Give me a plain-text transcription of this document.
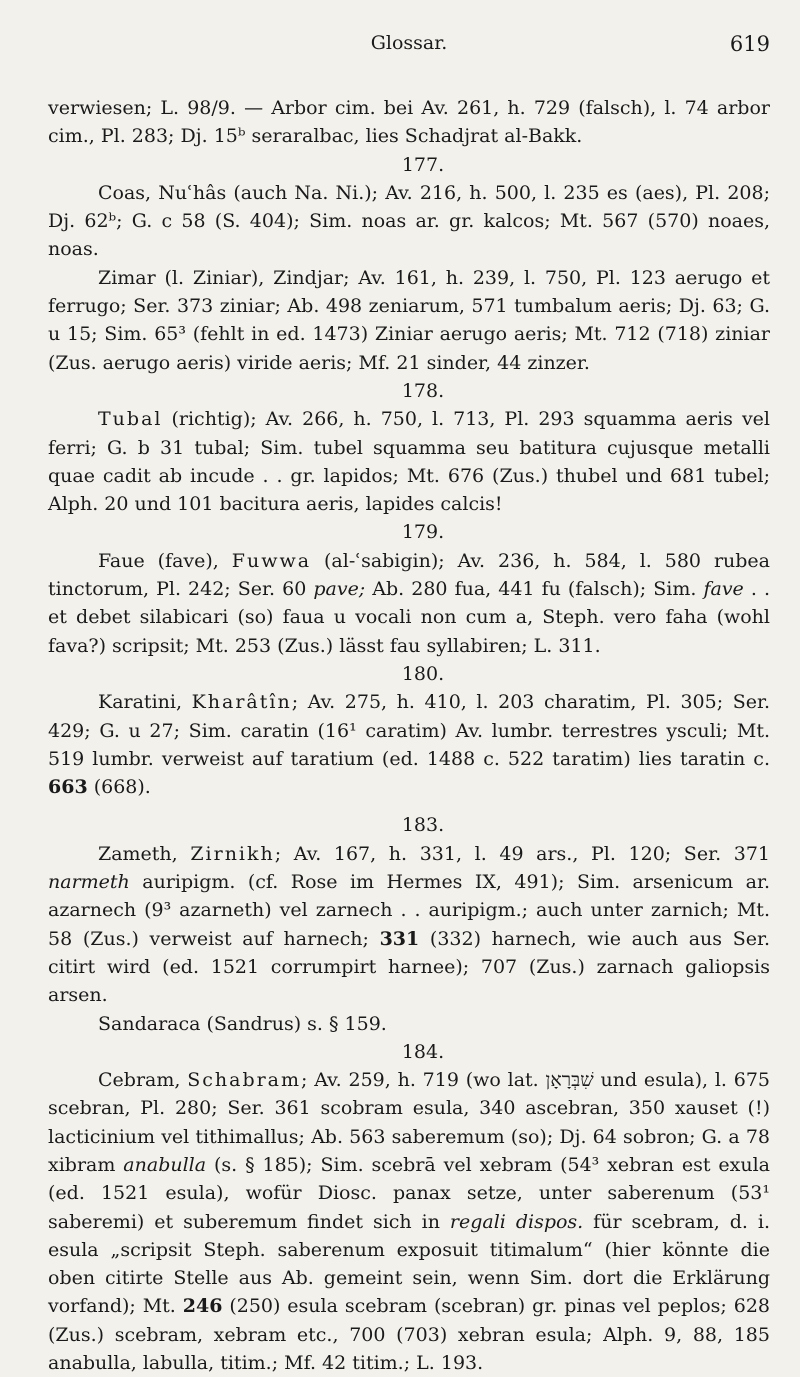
Glossar.	619

verwiesen; L. 98/9. — Arbor cim. bei Av. 261, h. 729 (falsch), l. 74 arbor cim., Pl. 283; Dj. 15ᵇ seraralbac, lies Schadjrat al-Bakk.

177.

Coas, Nuʿhâs (auch Na. Ni.); Av. 216, h. 500, l. 235 es (aes), Pl. 208; Dj. 62ᵇ; G. c 58 (S. 404); Sim. noas ar. gr. kalcos; Mt. 567 (570) noaes, noas.

Zimar (l. Ziniar), Zindjar; Av. 161, h. 239, l. 750, Pl. 123 aerugo et ferrugo; Ser. 373 ziniar; Ab. 498 zeniarum, 571 tumbalum aeris; Dj. 63; G. u 15; Sim. 65³ (fehlt in ed. 1473) Ziniar aerugo aeris; Mt. 712 (718) ziniar (Zus. aerugo aeris) viride aeris; Mf. 21 sinder, 44 zinzer.

178.

Tubal (richtig); Av. 266, h. 750, l. 713, Pl. 293 squamma aeris vel ferri; G. b 31 tubal; Sim. tubel squamma seu batitura cujusque metalli quae cadit ab incude . . gr. lapidos; Mt. 676 (Zus.) thubel und 681 tubel; Alph. 20 und 101 bacitura aeris, lapides calcis!

179.

Faue (fave), Fuwwa (al-ʿsabigin); Av. 236, h. 584, l. 580 rubea tinctorum, Pl. 242; Ser. 60 pave; Ab. 280 fua, 441 fu (falsch); Sim. fave . . et debet silabicari (so) faua u vocali non cum a, Steph. vero faha (wohl fava?) scripsit; Mt. 253 (Zus.) lässt fau syllabiren; L. 311.

180.

Karatini, Kharâtîn; Av. 275, h. 410, l. 203 charatim, Pl. 305; Ser. 429; G. u 27; Sim. caratin (16¹ caratim) Av. lumbr. terrestres ysculi; Mt. 519 lumbr. verweist auf taratium (ed. 1488 c. 522 taratim) lies taratin c. 663 (668).

183.

Zameth, Zirnikh; Av. 167, h. 331, l. 49 ars., Pl. 120; Ser. 371 narmeth auripigm. (cf. Rose im Hermes IX, 491); Sim. arsenicum ar. azarnech (9³ azarneth) vel zarnech . . auripigm.; auch unter zarnich; Mt. 58 (Zus.) verweist auf harnech; 331 (332) harnech, wie auch aus Ser. citirt wird (ed. 1521 corrumpirt harnee); 707 (Zus.) zarnach galiopsis arsen.

Sandaraca (Sandrus) s. § 159.

184.

Cebram, Schabram; Av. 259, h. 719 (wo lat. שִׁבְּרָאָן und esula), l. 675 scebran, Pl. 280; Ser. 361 scobram esula, 340 ascebran, 350 xauset (!) lacticinium vel tithimallus; Ab. 563 saberemum (so); Dj. 64 sobron; G. a 78 xibram anabulla (s. § 185); Sim. scebrā vel xebram (54³ xebran est exula (ed. 1521 esula), wofür Diosc. panax setze, unter saberenum (53¹ saberemi) et suberemum findet sich in regali dispos. für scebram, d. i. esula „scripsit Steph. saberenum exposuit titimalum“ (hier könnte die oben citirte Stelle aus Ab. gemeint sein, wenn Sim. dort die Erklärung vorfand); Mt. 246 (250) esula scebram (scebran) gr. pinas vel peplos; 628 (Zus.) scebram, xebram etc., 700 (703) xebran esula; Alph. 9, 88, 185 anabulla, labulla, titim.; Mf. 42 titim.; L. 193.
